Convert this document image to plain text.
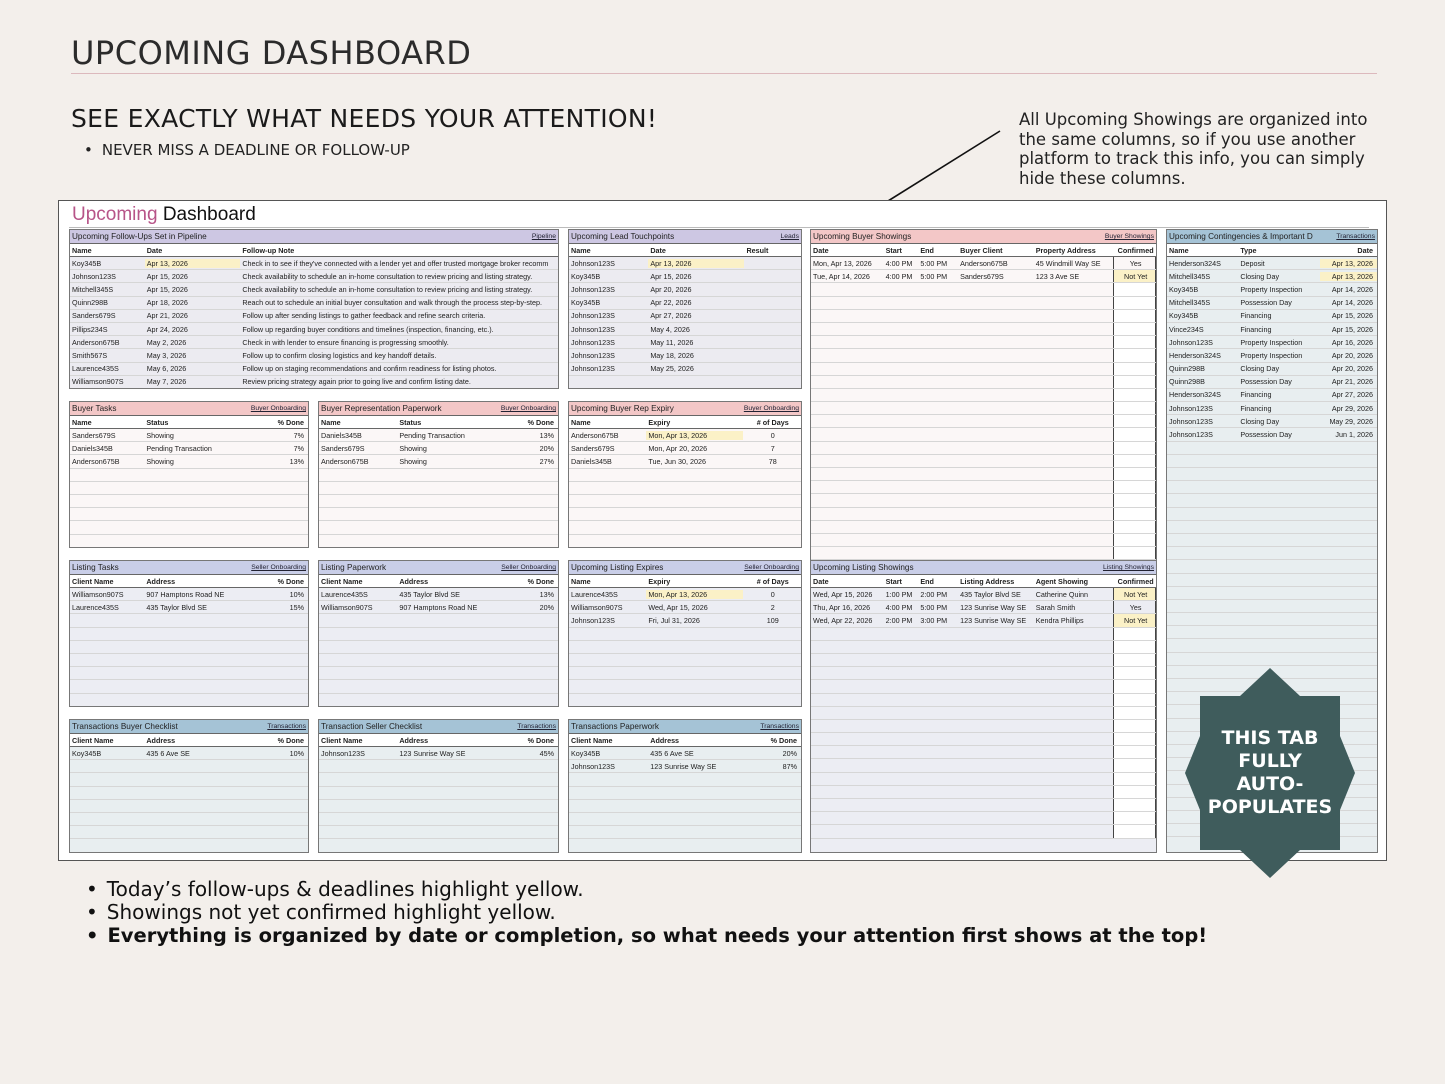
UPCOMING DASHBOARD
SEE EXACTLY WHAT NEEDS YOUR ATTENTION!
• NEVER MISS A DEADLINE OR FOLLOW-UP
All Upcoming Showings are organized into the same columns, so if you use another platform to track this info, you can simply hide these columns.
Upcoming Dashboard
Upcoming Follow-Ups Set in Pipeline	Pipeline
Name	Date	Follow-up Note
Koy345B	Apr 13, 2026	Check in to see if they've connected with a lender yet and offer trusted mortgage broker recomm
Johnson123S	Apr 15, 2026	Check availability to schedule an in-home consultation to review pricing and listing strategy.
Mitchell345S	Apr 15, 2026	Check availability to schedule an in-home consultation to review pricing and listing strategy.
Quinn298B	Apr 18, 2026	Reach out to schedule an initial buyer consultation and walk through the process step-by-step.
Sanders679S	Apr 21, 2026	Follow up after sending listings to gather feedback and refine search criteria.
Pillips234S	Apr 24, 2026	Follow up regarding buyer conditions and timelines (inspection, financing, etc.).
Anderson675B	May 2, 2026	Check in with lender to ensure financing is progressing smoothly.
Smith567S	May 3, 2026	Follow up to confirm closing logistics and key handoff details.
Laurence435S	May 6, 2026	Follow up on staging recommendations and confirm readiness for listing photos.
Williamson907S	May 7, 2026	Review pricing strategy again prior to going live and confirm listing date.
Upcoming Lead Touchpoints	Leads
Name	Date	Result
Johnson123S	Apr 13, 2026
Koy345B	Apr 15, 2026
Johnson123S	Apr 20, 2026
Koy345B	Apr 22, 2026
Johnson123S	Apr 27, 2026
Johnson123S	May 4, 2026
Johnson123S	May 11, 2026
Johnson123S	May 18, 2026
Johnson123S	May 25, 2026
Upcoming Buyer Showings	Buyer Showings
Date	Start	End	Buyer Client	Property Address	Confirmed
Mon, Apr 13, 2026	4:00 PM	5:00 PM	Anderson675B	45 Windmill Way SE	Yes
Tue, Apr 14, 2026	4:00 PM	5:00 PM	Sanders679S	123 3 Ave SE	Not Yet
Upcoming Contingencies & Important D	Transactions
Name	Type	Date
Henderson324S	Deposit	Apr 13, 2026
Mitchell345S	Closing Day	Apr 13, 2026
Koy345B	Property Inspection	Apr 14, 2026
Mitchell345S	Possession Day	Apr 14, 2026
Koy345B	Financing	Apr 15, 2026
Vince234S	Financing	Apr 15, 2026
Johnson123S	Property Inspection	Apr 16, 2026
Henderson324S	Property Inspection	Apr 20, 2026
Quinn298B	Closing Day	Apr 20, 2026
Quinn298B	Possession Day	Apr 21, 2026
Henderson324S	Financing	Apr 27, 2026
Johnson123S	Financing	Apr 29, 2026
Johnson123S	Closing Day	May 29, 2026
Johnson123S	Possession Day	Jun 1, 2026
Buyer Tasks	Buyer Onboarding
Name	Status	% Done
Sanders679S	Showing	7%
Daniels345B	Pending Transaction	7%
Anderson675B	Showing	13%
Buyer Representation Paperwork	Buyer Onboarding
Name	Status	% Done
Daniels345B	Pending Transaction	13%
Sanders679S	Showing	20%
Anderson675B	Showing	27%
Upcoming Buyer Rep Expiry	Buyer Onboarding
Name	Expiry	# of Days
Anderson675B	Mon, Apr 13, 2026	0
Sanders679S	Mon, Apr 20, 2026	7
Daniels345B	Tue, Jun 30, 2026	78
Listing Tasks	Seller Onboarding
Client Name	Address	% Done
Williamson907S	907 Hamptons Road NE	10%
Laurence435S	435 Taylor Blvd SE	15%
Listing Paperwork	Seller Onboarding
Client Name	Address	% Done
Laurence435S	435 Taylor Blvd SE	13%
Williamson907S	907 Hamptons Road NE	20%
Upcoming Listing Expires	Seller Onboarding
Name	Expiry	# of Days
Laurence435S	Mon, Apr 13, 2026	0
Williamson907S	Wed, Apr 15, 2026	2
Johnson123S	Fri, Jul 31, 2026	109
Upcoming Listing Showings	Listing Showings
Date	Start	End	Listing Address	Agent Showing	Confirmed
Wed, Apr 15, 2026	1:00 PM	2:00 PM	435 Taylor Blvd SE	Catherine Quinn	Not Yet
Thu, Apr 16, 2026	4:00 PM	5:00 PM	123 Sunrise Way SE	Sarah Smith	Yes
Wed, Apr 22, 2026	2:00 PM	3:00 PM	123 Sunrise Way SE	Kendra Phillips	Not Yet
Transactions Buyer Checklist	Transactions
Client Name	Address	% Done
Koy345B	435 6 Ave SE	10%
Transaction Seller Checklist	Transactions
Client Name	Address	% Done
Johnson123S	123 Sunrise Way SE	45%
Transactions Paperwork	Transactions
Client Name	Address	% Done
Koy345B	435 6 Ave SE	20%
Johnson123S	123 Sunrise Way SE	87%
THIS TAB
FULLY
AUTO-
POPULATES
• Today’s follow-ups & deadlines highlight yellow.
• Showings not yet confirmed highlight yellow.
• Everything is organized by date or completion, so what needs your attention first shows at the top!
